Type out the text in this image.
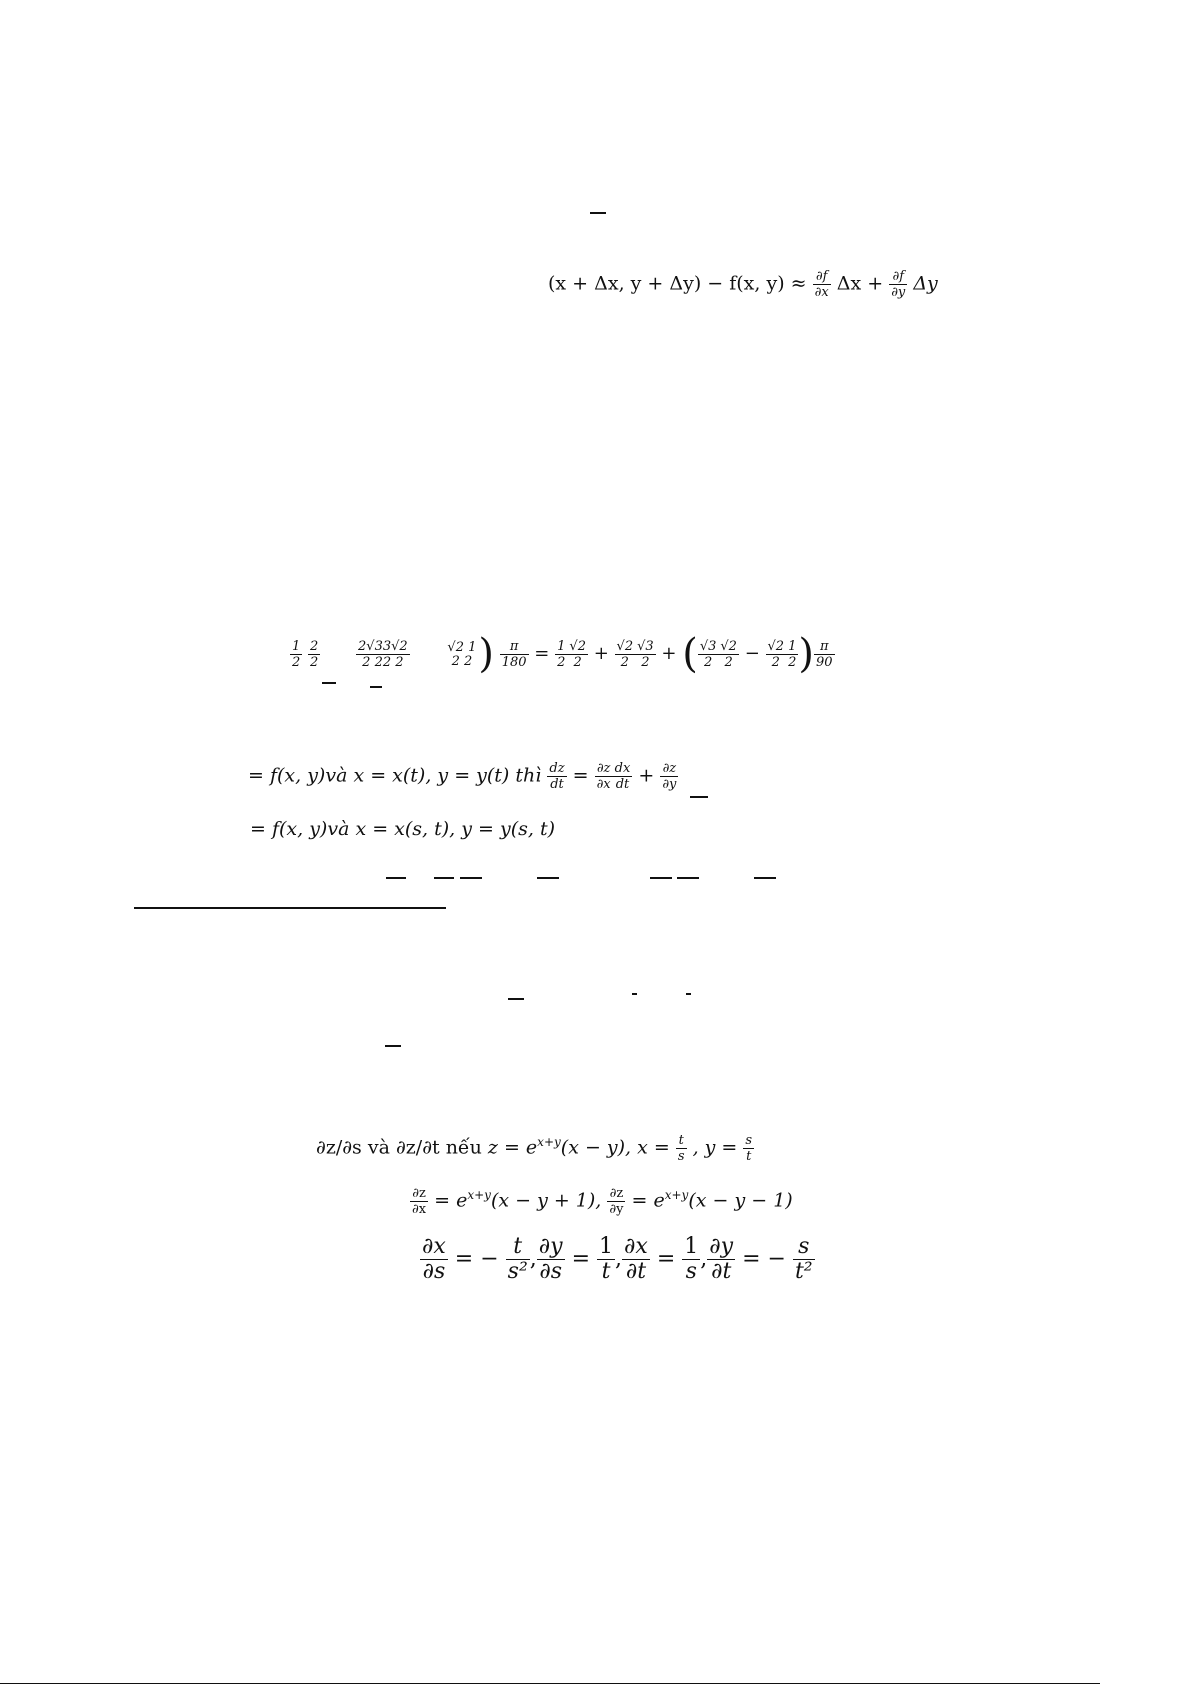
(x + Δx, y + Δy) − f(x, $y) \approx \frac{\partial f}{\partial x}$ $\Delta x + \frac{\partial f}{\partial y}$ Δy
$\frac{1}{2}$
$\frac{2}{2}$
	$\frac{2√33√2}{2 22 2}$
	√2 1
2 2 ) $\frac{\pi}{180} = \frac{1}{2} \frac{√2}{2} + \frac{√2}{2} \frac{√3}{2}$ + ( $\frac{√3}{2} \frac{√2}{2} - \frac{√2}{2} \frac{1}{2}$ ) $\frac{\pi}{90}$
= f(x, y)và x = x(t), y = y(t) thì $\frac{dz}{dt} = \frac{\partial z}{\partial x} \frac{dx}{dt} + \frac{\partial z}{\partial y}$
= f(x, y)và x = x(s, t), y = y(s, t)
∂z/∂s và ∂z/∂t nếu $z = e^{x+y}(x - y)$, $x = \frac{t}{s}$ , $y = \frac{s}{t}$
$\frac{\partial z}{\partial x} = e^{x+y}(x - y + 1)$, $\frac{\partial z}{\partial y} = e^{x+y}(x - y - 1)$
$\frac{\partial x}{\partial s}$ = − $\frac{t}{\text{s²}}$ , $\frac{\partial y}{\partial s} = \frac{1}{t}$ , $\frac{\partial x}{\partial t} = \frac{1}{s}$ , $\frac{\partial y}{\partial t}$ = − $\frac{s}{\text{t²}}$
